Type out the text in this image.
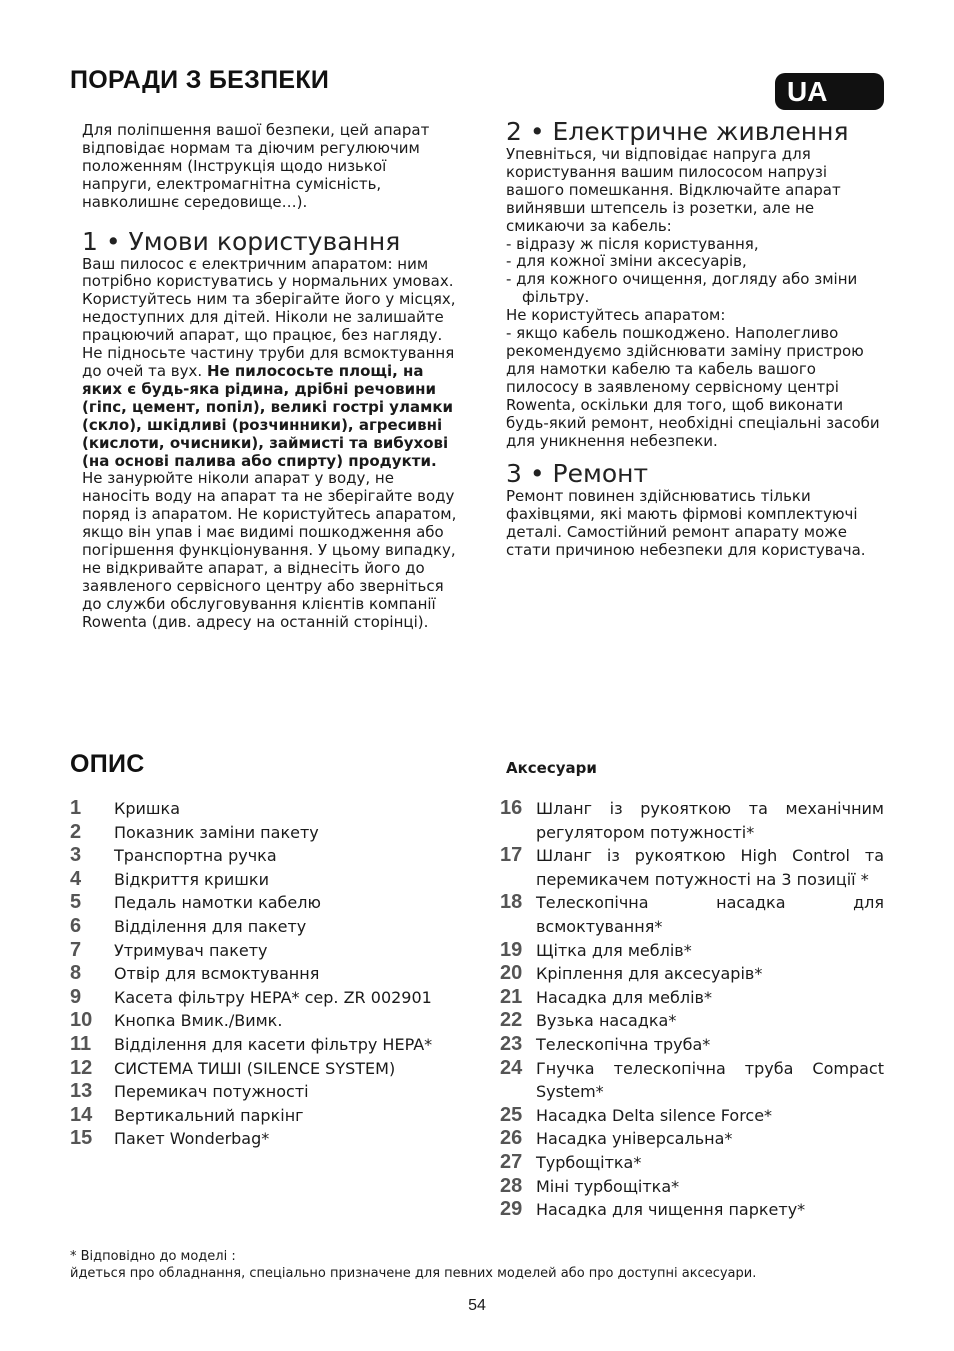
ПОРАДИ З БЕЗПЕКИ	UA

Для поліпшення вашої безпеки, цей апарат відповідає нормам та діючим регулюючим положенням (Інструкція щодо низької напруги, електромагнітна сумісність, навколишнє середовище…).

1 • Умови користування

Ваш пилосос є електричним апаратом: ним потрібно користуватись у нормальних умовах.

Користуйтесь ним та зберігайте його у місцях, недоступних для дітей. Ніколи не залишайте працюючий апарат, що працює, без нагляду.

Не підносьте частину труби для всмоктування до очей та вух. Не пилососьте площі, на яких є будь-яка рідина, дрібні речовини (гіпс, цемент, попіл), великі гострі уламки (скло), шкідливі (розчинники), агресивні (кислоти, очисники), займисті та вибухові (на основі палива або спирту) продукти. Не занурюйте ніколи апарат у воду, не наносіть воду на апарат та не зберігайте воду поряд із апаратом. Не користуйтесь апаратом, якщо він упав і має видимі пошкодження або погіршення функціонування. У цьому випадку, не відкривайте апарат, а віднесіть його до заявленого сервісного центру або зверніться до служби обслуговування клієнтів компанії Rowenta (див. адресу на останній сторінці).

2 • Електричне живлення

Упевніться, чи відповідає напруга для користування вашим пилососом напрузі вашого помешкання. Відключайте апарат вийнявши штепсель із розетки, але не смикаючи за кабель:

- відразу ж після користування,

- для кожної зміни аксесуарів,

- для кожного очищення, догляду або зміни фільтру.

Не користуйтесь апаратом:

- якщо кабель пошкоджено. Наполегливо рекомендуємо здійснювати заміну пристрою для намотки кабелю та кабель вашого пилососу в заявленому сервісному центрі Rowenta, оскільки для того, щоб виконати будь-який ремонт, необхідні спеціальні засоби для уникнення небезпеки.

3 • Ремонт

Ремонт повинен здійснюватись тільки фахівцями, які мають фірмові комплектуючі деталі. Самостійний ремонт апарату може стати причиною небезпеки для користувача.

ОПИС	Аксесуари
1	Кришка
2	Показник заміни пакету
3	Транспортна ручка
4	Відкриття кришки
5	Педаль намотки кабелю
6	Відділення для пакету
7	Утримувач пакету
8	Отвір для всмоктування
9	Касета фільтру HEPA* сер. ZR 002901
10	Кнопка Вмик./Вимк.
11	Відділення для касети фільтру HEPA*
12	СИСТЕМА ТИШІ (SILENCE SYSTEM)
13	Перемикач потужності
14	Вертикальний паркінг
15	Пакет Wonderbag*
16 Шланг із рукояткою та механічним регулятором потужності*
17 Шланг із рукояткою High Control та перемикачем потужності на 3 позиції *
18 Телескопічна насадка для всмоктування*
19 Щітка для меблів*
20 Кріплення для аксесуарів*
21 Насадка для меблів*
22 Вузька насадка*
23 Телескопічна труба*
24 Гнучка телескопічна труба Compact System*
25 Насадка Delta silence Force*
26 Насадка універсальна*
27 Турбощітка*
28 Міні турбощітка*
29 Насадка для чищення паркету*
* Відповідно до моделі :
йдеться про обладнання, спеціально призначене для певних моделей або про доступні аксесуари.
54
